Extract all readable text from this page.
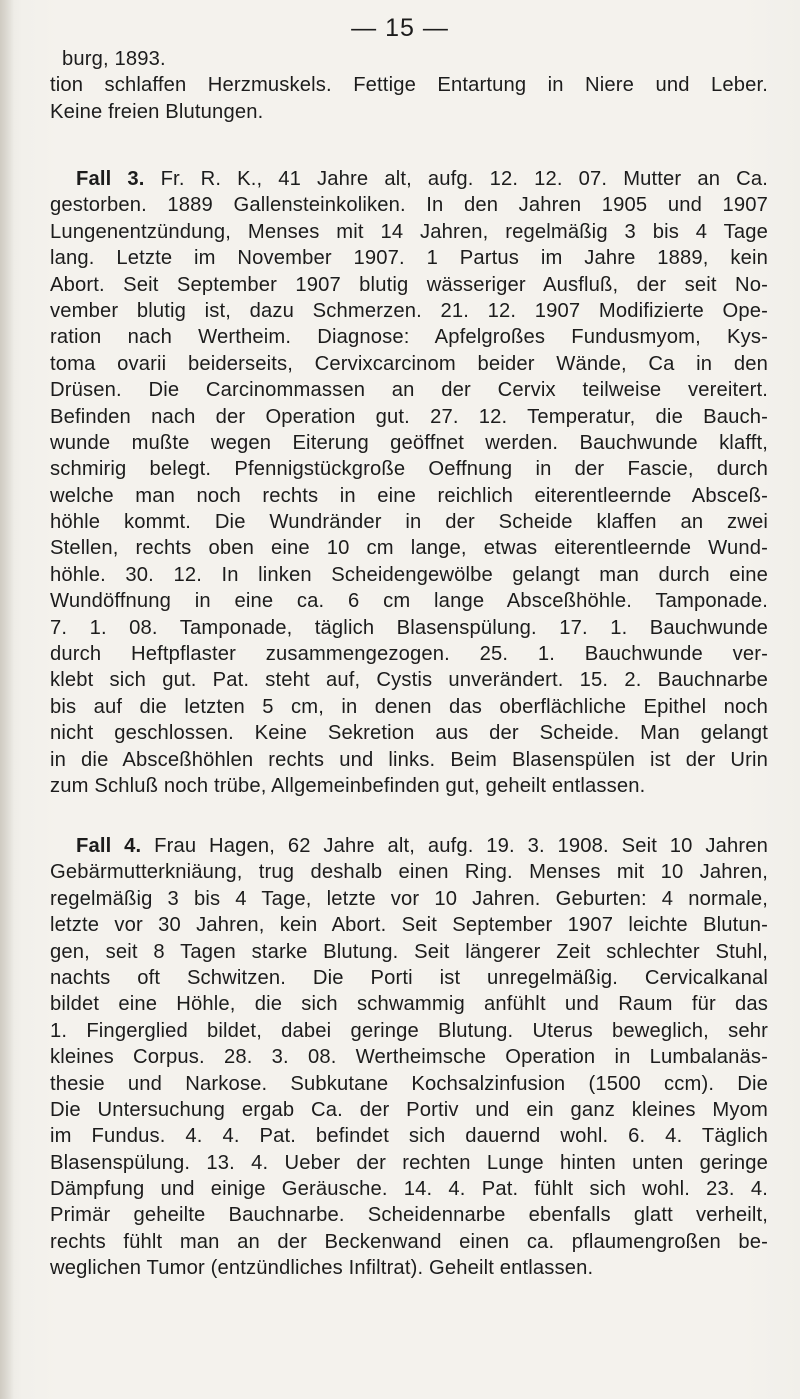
— 15 —
burg, 1893.
tion schlaffen Herzmuskels. Fettige Entartung in Niere und Leber.
Keine freien Blutungen.
Fall 3. Fr. R. K., 41 Jahre alt, aufg. 12. 12. 07. Mutter an Ca.
gestorben. 1889 Gallensteinkoliken. In den Jahren 1905 und 1907
Lungenentzündung, Menses mit 14 Jahren, regelmäßig 3 bis 4 Tage
lang. Letzte im November 1907. 1 Partus im Jahre 1889, kein
Abort. Seit September 1907 blutig wässeriger Ausfluß, der seit No-
vember blutig ist, dazu Schmerzen. 21. 12. 1907 Modifizierte Ope-
ration nach Wertheim. Diagnose: Apfelgroßes Fundusmyom, Kys-
toma ovarii beiderseits, Cervixcarcinom beider Wände, Ca in den
Drüsen. Die Carcinommassen an der Cervix teilweise vereitert.
Befinden nach der Operation gut. 27. 12. Temperatur, die Bauch-
wunde mußte wegen Eiterung geöffnet werden. Bauchwunde klafft,
schmirig belegt. Pfennigstückgroße Oeffnung in der Fascie, durch
welche man noch rechts in eine reichlich eiterentleernde Absceß-
höhle kommt. Die Wundränder in der Scheide klaffen an zwei
Stellen, rechts oben eine 10 cm lange, etwas eiterentleernde Wund-
höhle. 30. 12. In linken Scheidengewölbe gelangt man durch eine
Wundöffnung in eine ca. 6 cm lange Absceßhöhle. Tamponade.
7. 1. 08. Tamponade, täglich Blasenspülung. 17. 1. Bauchwunde
durch Heftpflaster zusammengezogen. 25. 1. Bauchwunde ver-
klebt sich gut. Pat. steht auf, Cystis unverändert. 15. 2. Bauchnarbe
bis auf die letzten 5 cm, in denen das oberflächliche Epithel noch
nicht geschlossen. Keine Sekretion aus der Scheide. Man gelangt
in die Absceßhöhlen rechts und links. Beim Blasenspülen ist der Urin
zum Schluß noch trübe, Allgemeinbefinden gut, geheilt entlassen.
Fall 4. Frau Hagen, 62 Jahre alt, aufg. 19. 3. 1908. Seit 10 Jahren
Gebärmutterkniäung, trug deshalb einen Ring. Menses mit 10 Jahren,
regelmäßig 3 bis 4 Tage, letzte vor 10 Jahren. Geburten: 4 normale,
letzte vor 30 Jahren, kein Abort. Seit September 1907 leichte Blutun-
gen, seit 8 Tagen starke Blutung. Seit längerer Zeit schlechter Stuhl,
nachts oft Schwitzen. Die Porti ist unregelmäßig. Cervicalkanal
bildet eine Höhle, die sich schwammig anfühlt und Raum für das
1. Fingerglied bildet, dabei geringe Blutung. Uterus beweglich, sehr
kleines Corpus. 28. 3. 08. Wertheimsche Operation in Lumbalanäs-
thesie und Narkose. Subkutane Kochsalzinfusion (1500 ccm). Die
Die Untersuchung ergab Ca. der Portiv und ein ganz kleines Myom
im Fundus. 4. 4. Pat. befindet sich dauernd wohl. 6. 4. Täglich
Blasenspülung. 13. 4. Ueber der rechten Lunge hinten unten geringe
Dämpfung und einige Geräusche. 14. 4. Pat. fühlt sich wohl. 23. 4.
Primär geheilte Bauchnarbe. Scheidennarbe ebenfalls glatt verheilt,
rechts fühlt man an der Beckenwand einen ca. pflaumengroßen be-
weglichen Tumor (entzündliches Infiltrat). Geheilt entlassen.
